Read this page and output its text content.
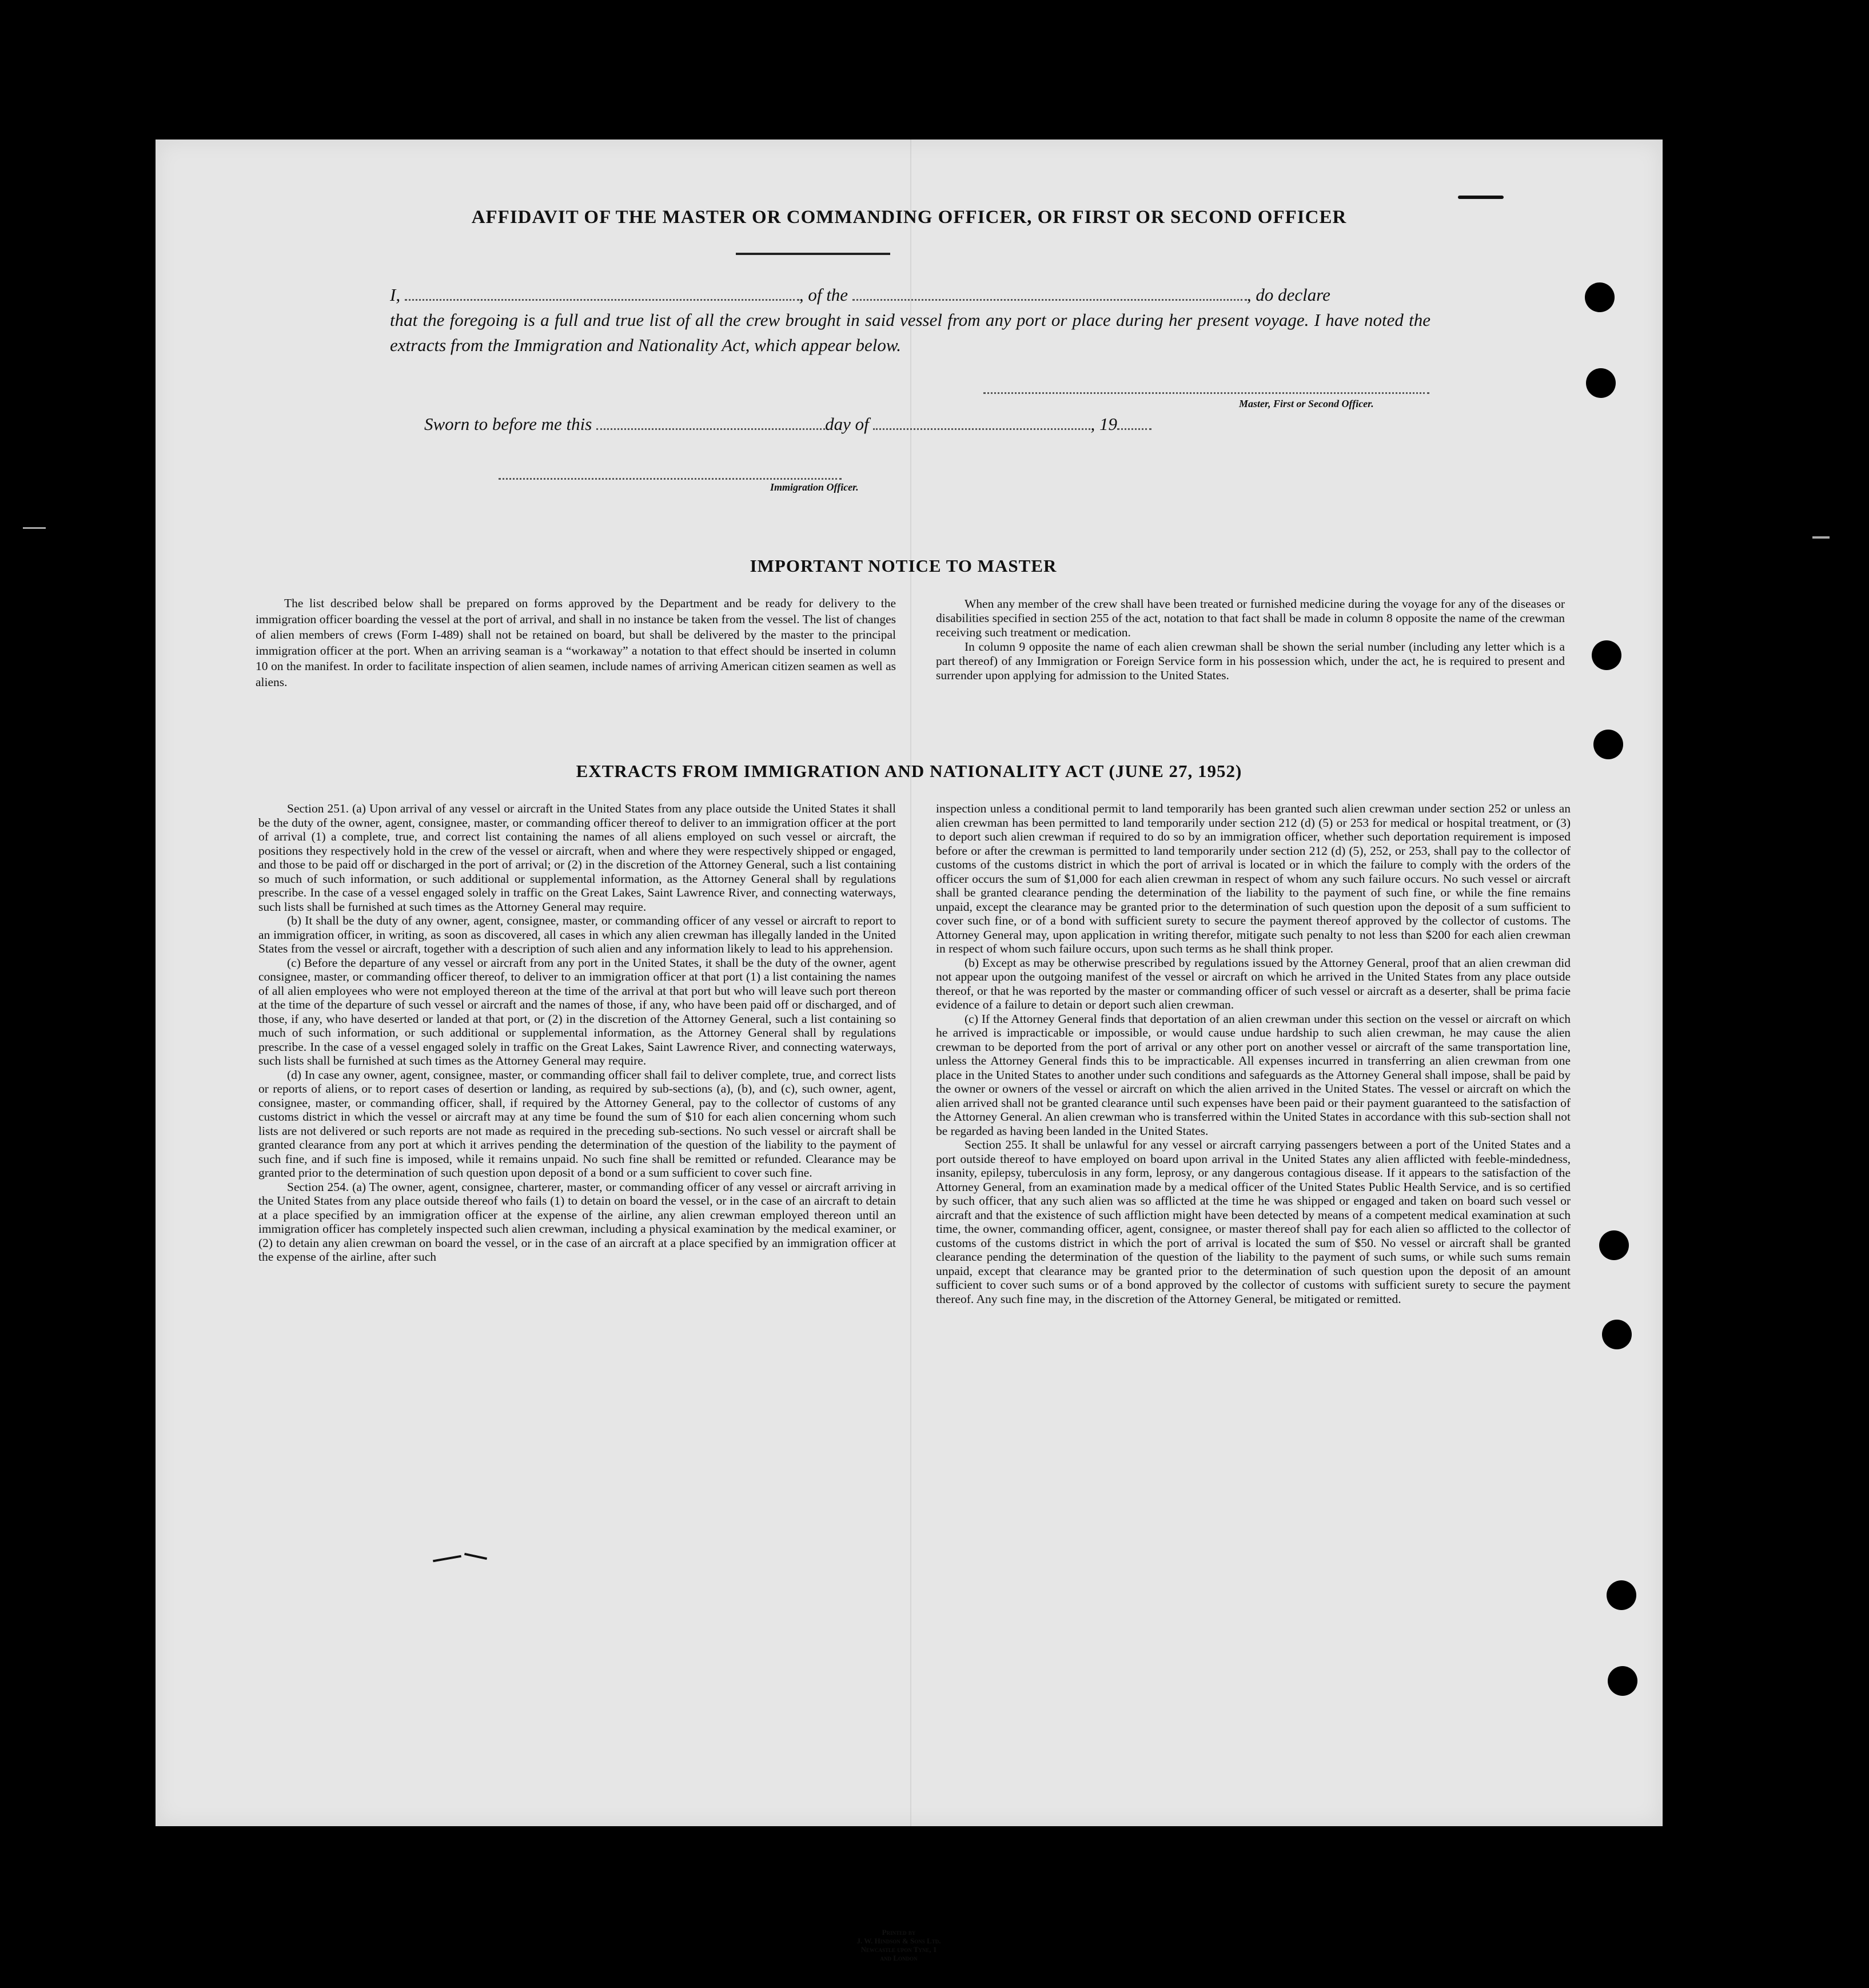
AFFIDAVIT OF THE MASTER OR COMMANDING OFFICER, OR FIRST OR SECOND OFFICER
I,	, of the	, do declare
that the foregoing is a full and true list of all the crew brought in said vessel from any port or place during her present voyage. I have noted the extracts from the Immigration and Nationality Act, which appear below.
Master, First or Second Officer.
Sworn to before me this	day of	, 19
Immigration Officer.
IMPORTANT NOTICE TO MASTER

The list described below shall be prepared on forms approved by the Department and be ready for delivery to the immigration officer boarding the vessel at the port of arrival, and shall in no instance be taken from the vessel. The list of changes of alien members of crews (Form I-489) shall not be retained on board, but shall be delivered by the master to the principal immigration officer at the port. When an arriving seaman is a “workaway” a notation to that effect should be inserted in column 10 on the manifest. In order to facilitate inspection of alien seamen, include names of arriving American citizen seamen as well as aliens.

When any member of the crew shall have been treated or furnished medicine during the voyage for any of the diseases or disabilities specified in section 255 of the act, notation to that fact shall be made in column 8 opposite the name of the crewman receiving such treatment or medication.

In column 9 opposite the name of each alien crewman shall be shown the serial number (including any letter which is a part thereof) of any Immigration or Foreign Service form in his possession which, under the act, he is required to present and surrender upon applying for admission to the United States.

EXTRACTS FROM IMMIGRATION AND NATIONALITY ACT (JUNE 27, 1952)

Section 251. (a) Upon arrival of any vessel or aircraft in the United States from any place outside the United States it shall be the duty of the owner, agent, consignee, master, or commanding officer thereof to deliver to an immigration officer at the port of arrival (1) a complete, true, and correct list containing the names of all aliens employed on such vessel or aircraft, the positions they respectively hold in the crew of the vessel or aircraft, when and where they were respectively shipped or engaged, and those to be paid off or discharged in the port of arrival; or (2) in the discretion of the Attorney General, such a list containing so much of such information, or such additional or supplemental information, as the Attorney General shall by regulations prescribe. In the case of a vessel engaged solely in traffic on the Great Lakes, Saint Lawrence River, and connecting waterways, such lists shall be furnished at such times as the Attorney General may require.

(b) It shall be the duty of any owner, agent, consignee, master, or commanding officer of any vessel or aircraft to report to an immigration officer, in writing, as soon as discovered, all cases in which any alien crewman has illegally landed in the United States from the vessel or aircraft, together with a description of such alien and any information likely to lead to his apprehension.

(c) Before the departure of any vessel or aircraft from any port in the United States, it shall be the duty of the owner, agent consignee, master, or commanding officer thereof, to deliver to an immigration officer at that port (1) a list containing the names of all alien employees who were not employed thereon at the time of the arrival at that port but who will leave such port thereon at the time of the departure of such vessel or aircraft and the names of those, if any, who have been paid off or discharged, and of those, if any, who have deserted or landed at that port, or (2) in the discretion of the Attorney General, such a list containing so much of such information, or such additional or supplemental information, as the Attorney General shall by regulations prescribe. In the case of a vessel engaged solely in traffic on the Great Lakes, Saint Lawrence River, and connecting waterways, such lists shall be furnished at such times as the Attorney General may require.

(d) In case any owner, agent, consignee, master, or commanding officer shall fail to deliver complete, true, and correct lists or reports of aliens, or to report cases of desertion or landing, as required by sub-sections (a), (b), and (c), such owner, agent, consignee, master, or commanding officer, shall, if required by the Attorney General, pay to the collector of customs of any customs district in which the vessel or aircraft may at any time be found the sum of $10 for each alien concerning whom such lists are not delivered or such reports are not made as required in the preceding sub-sections. No such vessel or aircraft shall be granted clearance from any port at which it arrives pending the determination of the question of the liability to the payment of such fine, and if such fine is imposed, while it remains unpaid. No such fine shall be remitted or refunded. Clearance may be granted prior to the determination of such question upon deposit of a bond or a sum sufficient to cover such fine.

Section 254. (a) The owner, agent, consignee, charterer, master, or commanding officer of any vessel or aircraft arriving in the United States from any place outside thereof who fails (1) to detain on board the vessel, or in the case of an aircraft to detain at a place specified by an immigration officer at the expense of the airline, any alien crewman employed thereon until an immigration officer has completely inspected such alien crewman, including a physical examination by the medical examiner, or (2) to detain any alien crewman on board the vessel, or in the case of an aircraft at a place specified by an immigration officer at the expense of the airline, after such

inspection unless a conditional permit to land temporarily has been granted such alien crewman under section 252 or unless an alien crewman has been permitted to land temporarily under section 212 (d) (5) or 253 for medical or hospital treatment, or (3) to deport such alien crewman if required to do so by an immigration officer, whether such deportation requirement is imposed before or after the crewman is permitted to land temporarily under section 212 (d) (5), 252, or 253, shall pay to the collector of customs of the customs district in which the port of arrival is located or in which the failure to comply with the orders of the officer occurs the sum of $1,000 for each alien crewman in respect of whom any such failure occurs. No such vessel or aircraft shall be granted clearance pending the determination of the liability to the payment of such fine, or while the fine remains unpaid, except the clearance may be granted prior to the determination of such question upon the deposit of a sum sufficient to cover such fine, or of a bond with sufficient surety to secure the payment thereof approved by the collector of customs. The Attorney General may, upon application in writing therefor, mitigate such penalty to not less than $200 for each alien crewman in respect of whom such failure occurs, upon such terms as he shall think proper.

(b) Except as may be otherwise prescribed by regulations issued by the Attorney General, proof that an alien crewman did not appear upon the outgoing manifest of the vessel or aircraft on which he arrived in the United States from any place outside thereof, or that he was reported by the master or commanding officer of such vessel or aircraft as a deserter, shall be prima facie evidence of a failure to detain or deport such alien crewman.

(c) If the Attorney General finds that deportation of an alien crewman under this section on the vessel or aircraft on which he arrived is impracticable or impossible, or would cause undue hardship to such alien crewman, he may cause the alien crewman to be deported from the port of arrival or any other port on another vessel or aircraft of the same transportation line, unless the Attorney General finds this to be impracticable. All expenses incurred in transferring an alien crewman from one place in the United States to another under such conditions and safeguards as the Attorney General shall impose, shall be paid by the owner or owners of the vessel or aircraft on which the alien arrived in the United States. The vessel or aircraft on which the alien arrived shall not be granted clearance until such expenses have been paid or their payment guaranteed to the satisfaction of the Attorney General. An alien crewman who is transferred within the United States in accordance with this sub-section shall not be regarded as having been landed in the United States.

Section 255. It shall be unlawful for any vessel or aircraft carrying passengers between a port of the United States and a port outside thereof to have employed on board upon arrival in the United States any alien afflicted with feeble-mindedness, insanity, epilepsy, tuberculosis in any form, leprosy, or any dangerous contagious disease. If it appears to the satisfaction of the Attorney General, from an examination made by a medical officer of the United States Public Health Service, and is so certified by such officer, that any such alien was so afflicted at the time he was shipped or engaged and taken on board such vessel or aircraft and that the existence of such affliction might have been detected by means of a competent medical examination at such time, the owner, commanding officer, agent, consignee, or master thereof shall pay for each alien so afflicted to the collector of customs of the customs district in which the port of arrival is located the sum of $50. No vessel or aircraft shall be granted clearance pending the determination of the question of the liability to the payment of such sums, or while such sums remain unpaid, except that clearance may be granted prior to the determination of such question upon the deposit of an amount sufficient to cover such sums or of a bond approved by the collector of customs with sufficient surety to secure the payment thereof. Any such fine may, in the discretion of the Attorney General, be mitigated or remitted.

Printed by
J. W. Hindson & Sons Ltd.
Newcastle upon Tyne, 1
and London
